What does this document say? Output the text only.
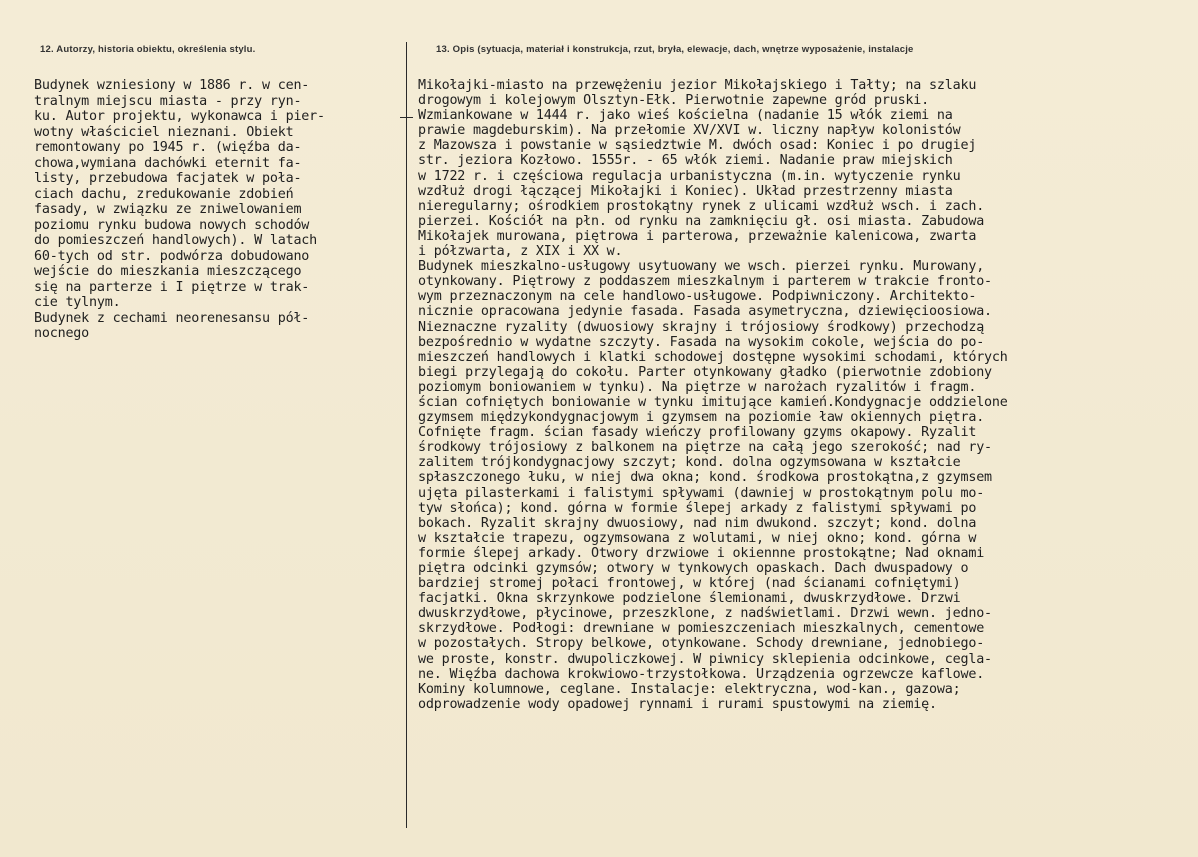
12. Autorzy, historia obiektu, określenia stylu.	13. Opis (sytuacja, materiał i konstrukcja, rzut, bryła, elewacje, dach, wnętrze wyposażenie, instalacje
Budynek wzniesiony w 1886 r. w cen-
tralnym miejscu miasta - przy ryn-
ku. Autor projektu, wykonawca i pier-
wotny właściciel nieznani. Obiekt
remontowany po 1945 r. (więźba da-
chowa,wymiana dachówki eternit fa-
listy, przebudowa facjatek w poła-
ciach dachu, zredukowanie zdobień
fasady, w związku ze zniwelowaniem
poziomu rynku budowa nowych schodów
do pomieszczeń handlowych). W latach
60-tych od str. podwórza dobudowano
wejście do mieszkania mieszczącego
się na parterze i I piętrze w trak-
cie tylnym.
Budynek z cechami neorenesansu pół-
nocnego
Mikołajki-miasto na przewężeniu jezior Mikołajskiego i Tałty; na szlaku
drogowym i kolejowym Olsztyn-Ełk. Pierwotnie zapewne gród pruski.
Wzmiankowane w 1444 r. jako wieś kościelna (nadanie 15 włók ziemi na
prawie magdeburskim). Na przełomie XV/XVI w. liczny napływ kolonistów
z Mazowsza i powstanie w sąsiedztwie M. dwóch osad: Koniec i po drugiej
str. jeziora Kozłowo. 1555r. - 65 włók ziemi. Nadanie praw miejskich
w 1722 r. i częściowa regulacja urbanistyczna (m.in. wytyczenie rynku
wzdłuż drogi łączącej Mikołajki i Koniec). Układ przestrzenny miasta
nieregularny; ośrodkiem prostokątny rynek z ulicami wzdłuż wsch. i zach.
pierzei. Kościół na płn. od rynku na zamknięciu gł. osi miasta. Zabudowa
Mikołajek murowana, piętrowa i parterowa, przeważnie kalenicowa, zwarta
i półzwarta, z XIX i XX w.
Budynek mieszkalno-usługowy usytuowany we wsch. pierzei rynku. Murowany,
otynkowany. Piętrowy z poddaszem mieszkalnym i parterem w trakcie fronto-
wym przeznaczonym na cele handlowo-usługowe. Podpiwniczony. Architekto-
nicznie opracowana jedynie fasada. Fasada asymetryczna, dziewięcioosiowa.
Nieznaczne ryzality (dwuosiowy skrajny i trójosiowy środkowy) przechodzą
bezpośrednio w wydatne szczyty. Fasada na wysokim cokole, wejścia do po-
mieszczeń handlowych i klatki schodowej dostępne wysokimi schodami, których
biegi przylegają do cokołu. Parter otynkowany gładko (pierwotnie zdobiony
poziomym boniowaniem w tynku). Na piętrze w narożach ryzalitów i fragm.
ścian cofniętych boniowanie w tynku imitujące kamień.Kondygnacje oddzielone
gzymsem międzykondygnacjowym i gzymsem na poziomie ław okiennych piętra.
Cofnięte fragm. ścian fasady wieńczy profilowany gzyms okapowy. Ryzalit
środkowy trójosiowy z balkonem na piętrze na całą jego szerokość; nad ry-
zalitem trójkondygnacjowy szczyt; kond. dolna ogzymsowana w kształcie
spłaszczonego łuku, w niej dwa okna; kond. środkowa prostokątna,z gzymsem
ujęta pilasterkami i falistymi spływami (dawniej w prostokątnym polu mo-
tyw słońca); kond. górna w formie ślepej arkady z falistymi spływami po
bokach. Ryzalit skrajny dwuosiowy, nad nim dwukond. szczyt; kond. dolna
w kształcie trapezu, ogzymsowana z wolutami, w niej okno; kond. górna w
formie ślepej arkady. Otwory drzwiowe i okiennne prostokątne; Nad oknami
piętra odcinki gzymsów; otwory w tynkowych opaskach. Dach dwuspadowy o
bardziej stromej połaci frontowej, w której (nad ścianami cofniętymi)
facjatki. Okna skrzynkowe podzielone ślemionami, dwuskrzydłowe. Drzwi
dwuskrzydłowe, płycinowe, przeszklone, z nadświetlami. Drzwi wewn. jedno-
skrzydłowe. Podłogi: drewniane w pomieszczeniach mieszkalnych, cementowe
w pozostałych. Stropy belkowe, otynkowane. Schody drewniane, jednobiego-
we proste, konstr. dwupoliczkowej. W piwnicy sklepienia odcinkowe, cegla-
ne. Więźba dachowa krokwiowo-trzystołkowa. Urządzenia ogrzewcze kaflowe.
Kominy kolumnowe, ceglane. Instalacje: elektryczna, wod-kan., gazowa;
odprowadzenie wody opadowej rynnami i rurami spustowymi na ziemię.
